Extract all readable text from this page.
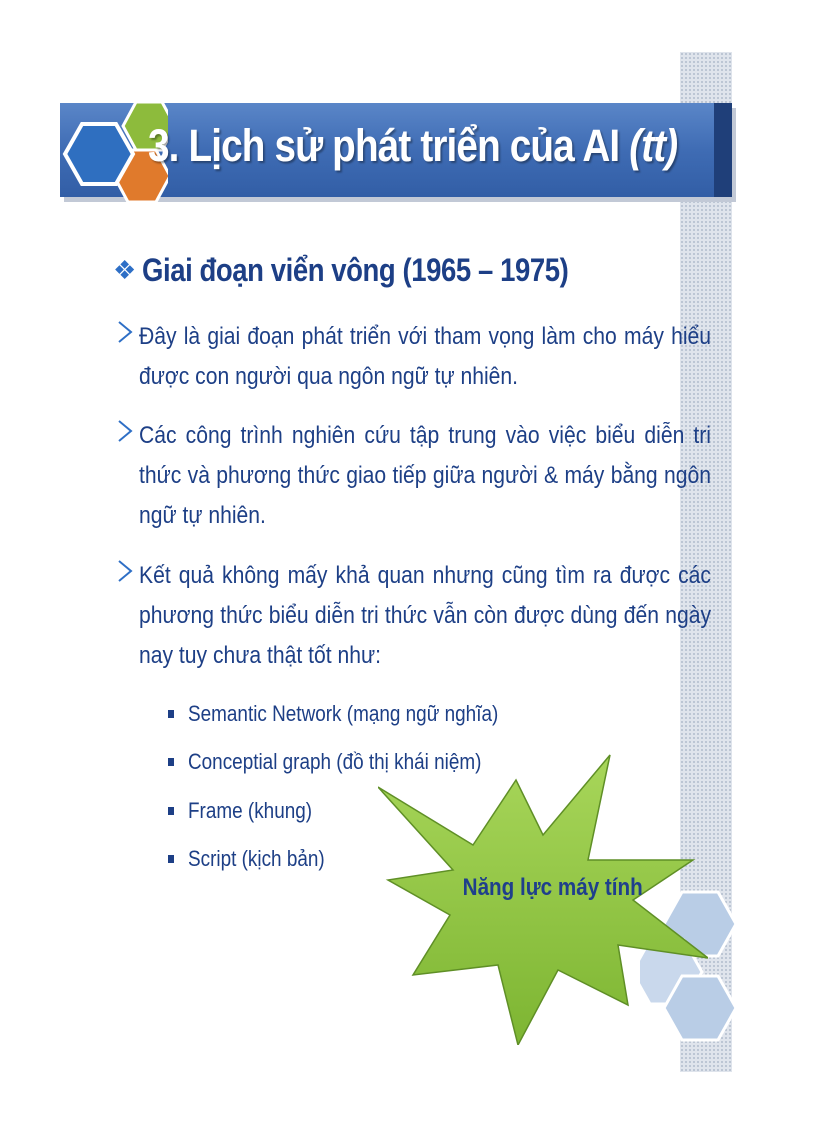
3. Lịch sử phát triển của AI (tt)
❖ Giai đoạn viển vông (1965 – 1975)
Đây là giai đoạn phát triển với tham vọng làm cho máy hiểu được con người qua ngôn ngữ tự nhiên.
Các công trình nghiên cứu tập trung vào việc biểu diễn tri thức và phương thức giao tiếp giữa người & máy bằng ngôn ngữ tự nhiên.
Kết quả không mấy khả quan nhưng cũng tìm ra được các phương thức biểu diễn tri thức vẫn còn được dùng đến ngày nay tuy chưa thật tốt như:
Semantic Network (mạng ngữ nghĩa)
Conceptial graph (đồ thị khái niệm)
Frame (khung)
Script (kịch bản)
Năng lực máy tính
